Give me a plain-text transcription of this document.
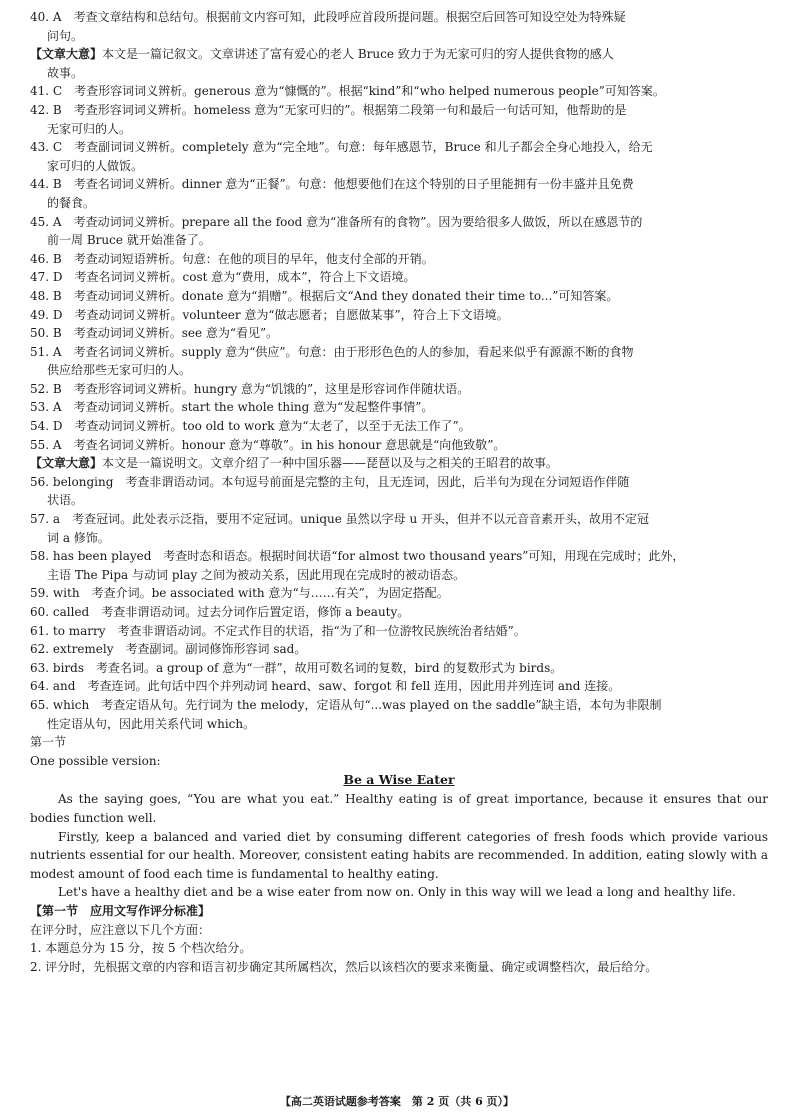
40. A 考查文章结构和总结句。根据前文内容可知，此段呼应首段所提问题。根据空后回答可知设空处为特殊疑
问句。
【文章大意】本文是一篇记叙文。文章讲述了富有爱心的老人 Bruce 致力于为无家可归的穷人提供食物的感人
故事。
41. C 考查形容词词义辨析。generous 意为“慷慨的”。根据“kind”和“who helped numerous people”可知答案。
42. B 考查形容词词义辨析。homeless 意为“无家可归的”。根据第二段第一句和最后一句话可知，他帮助的是
无家可归的人。
43. C 考查副词词义辨析。completely 意为“完全地”。句意：每年感恩节，Bruce 和儿子都会全身心地投入，给无
家可归的人做饭。
44. B 考查名词词义辨析。dinner 意为“正餐”。句意：他想要他们在这个特别的日子里能拥有一份丰盛并且免费
的餐食。
45. A 考查动词词义辨析。prepare all the food 意为“准备所有的食物”。因为要给很多人做饭，所以在感恩节的
前一周 Bruce 就开始准备了。
46. B 考查动词短语辨析。句意：在他的项目的早年，他支付全部的开销。
47. D 考查名词词义辨析。cost 意为“费用，成本”，符合上下文语境。
48. B 考查动词词义辨析。donate 意为“捐赠”。根据后文“And they donated their time to...”可知答案。
49. D 考查动词词义辨析。volunteer 意为“做志愿者；自愿做某事”，符合上下文语境。
50. B 考查动词词义辨析。see 意为“看见”。
51. A 考查名词词义辨析。supply 意为“供应”。句意：由于形形色色的人的参加，看起来似乎有源源不断的食物
供应给那些无家可归的人。
52. B 考查形容词词义辨析。hungry 意为“饥饿的”，这里是形容词作伴随状语。
53. A 考查动词词义辨析。start the whole thing 意为“发起整件事情”。
54. D 考查动词词义辨析。too old to work 意为“太老了，以至于无法工作了”。
55. A 考查名词词义辨析。honour 意为“尊敬”。in his honour 意思就是“向他致敬”。
【文章大意】本文是一篇说明文。文章介绍了一种中国乐器——琵琶以及与之相关的王昭君的故事。
56. belonging 考查非谓语动词。本句逗号前面是完整的主句，且无连词，因此，后半句为现在分词短语作伴随
状语。
57. a 考查冠词。此处表示泛指，要用不定冠词。unique 虽然以字母 u 开头，但并不以元音音素开头，故用不定冠
词 a 修饰。
58. has been played 考查时态和语态。根据时间状语“for almost two thousand years”可知，用现在完成时；此外，
主语 The Pipa 与动词 play 之间为被动关系，因此用现在完成时的被动语态。
59. with 考查介词。be associated with 意为“与……有关”，为固定搭配。
60. called 考查非谓语动词。过去分词作后置定语，修饰 a beauty。
61. to marry 考查非谓语动词。不定式作目的状语，指“为了和一位游牧民族统治者结婚”。
62. extremely 考查副词。副词修饰形容词 sad。
63. birds 考查名词。a group of 意为“一群”，故用可数名词的复数，bird 的复数形式为 birds。
64. and 考查连词。此句话中四个并列动词 heard、saw、forgot 和 fell 连用，因此用并列连词 and 连接。
65. which 考查定语从句。先行词为 the melody，定语从句“...was played on the saddle”缺主语，本句为非限制
性定语从句，因此用关系代词 which。
第一节
One possible version:
Be a Wise Eater
As the saying goes, “You are what you eat.” Healthy eating is of great importance, because it ensures that our bodies function well.
Firstly, keep a balanced and varied diet by consuming different categories of fresh foods which provide various nutrients essential for our health. Moreover, consistent eating habits are recommended. In addition, eating slowly with a modest amount of food each time is fundamental to healthy eating.
Let's have a healthy diet and be a wise eater from now on. Only in this way will we lead a long and healthy life.
【第一节　应用文写作评分标准】
在评分时，应注意以下几个方面：
1. 本题总分为 15 分，按 5 个档次给分。
2. 评分时，先根据文章的内容和语言初步确定其所属档次，然后以该档次的要求来衡量、确定或调整档次，最后给分。
【高二英语试题参考答案　第 2 页（共 6 页）】
